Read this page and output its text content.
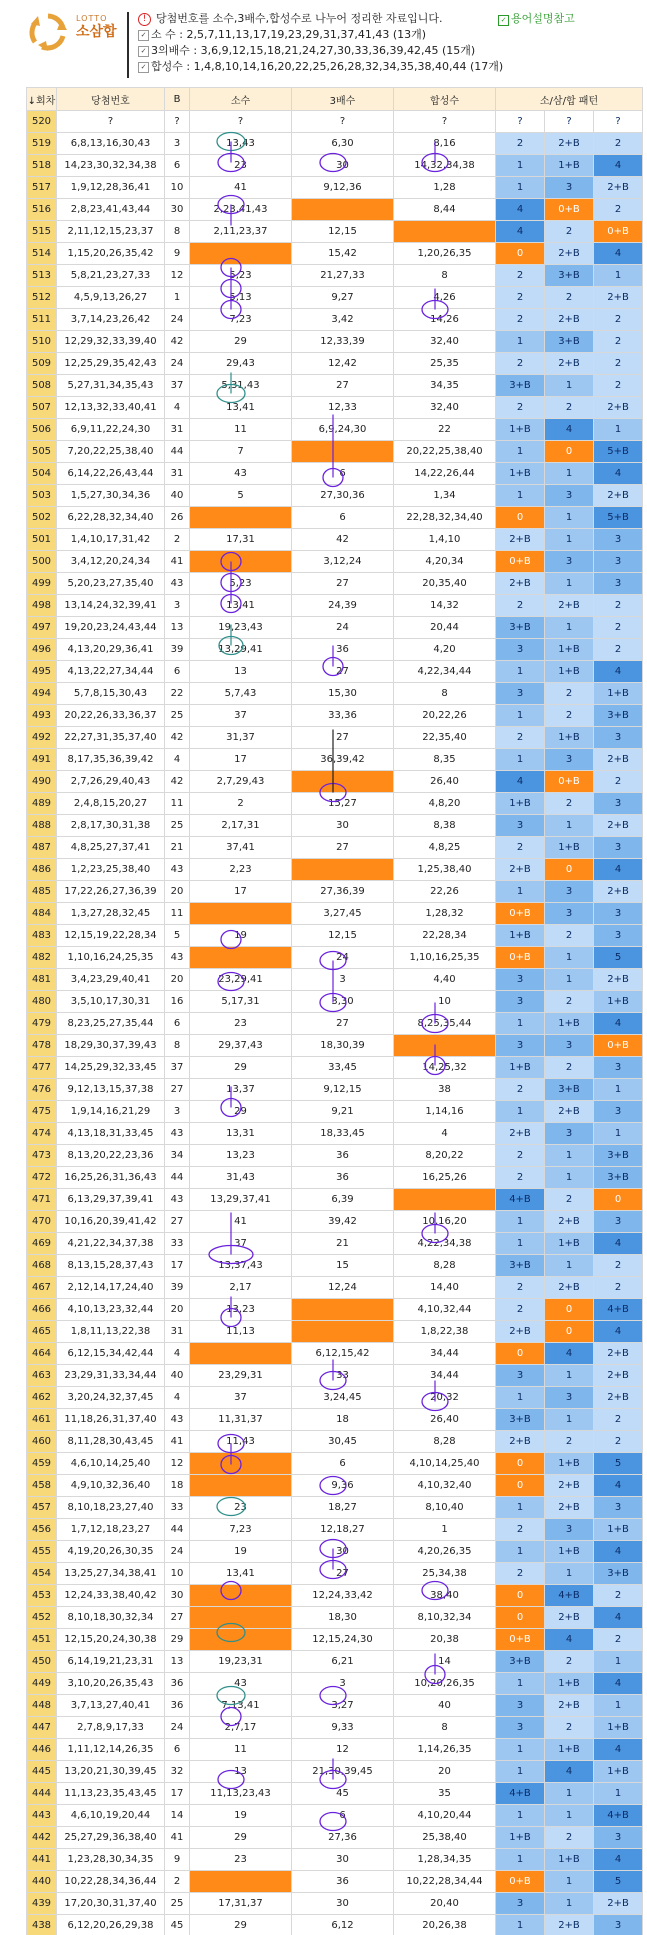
LOTTO
소삼합
! 당첨번호를 소수,3배수,합성수로 나누어 정리한 자료입니다.
✓ 소 수 : 2,5,7,11,13,17,19,23,29,31,37,41,43 (13개)
✓ 3의배수 : 3,6,9,12,15,18,21,24,27,30,33,36,39,42,45 (15개)
✓ 합성수 : 1,4,8,10,14,16,20,22,25,26,28,32,34,35,38,40,44 (17개)
✓ 용어설명참고
↓회차	당첨번호	B	소수	3배수	합성수	소/삼/합 패턴		
520	?	?	?	?	?	?	?	?
519	6,8,13,16,30,43	3	13,43	6,30	8,16	2	2+B	2
518	14,23,30,32,34,38	6	23	30	14,32,34,38	1	1+B	4
517	1,9,12,28,36,41	10	41	9,12,36	1,28	1	3	2+B
516	2,8,23,41,43,44	30	2,23,41,43		8,44	4	0+B	2
515	2,11,12,15,23,37	8	2,11,23,37	12,15		4	2	0+B
514	1,15,20,26,35,42	9		15,42	1,20,26,35	0	2+B	4
513	5,8,21,23,27,33	12	5,23	21,27,33	8	2	3+B	1
512	4,5,9,13,26,27	1	5,13	9,27	4,26	2	2	2+B
511	3,7,14,23,26,42	24	7,23	3,42	14,26	2	2+B	2
510	12,29,32,33,39,40	42	29	12,33,39	32,40	1	3+B	2
509	12,25,29,35,42,43	24	29,43	12,42	25,35	2	2+B	2
508	5,27,31,34,35,43	37	5,31,43	27	34,35	3+B	1	2
507	12,13,32,33,40,41	4	13,41	12,33	32,40	2	2	2+B
506	6,9,11,22,24,30	31	11	6,9,24,30	22	1+B	4	1
505	7,20,22,25,38,40	44	7		20,22,25,38,40	1	0	5+B
504	6,14,22,26,43,44	31	43	6	14,22,26,44	1+B	1	4
503	1,5,27,30,34,36	40	5	27,30,36	1,34	1	3	2+B
502	6,22,28,32,34,40	26		6	22,28,32,34,40	0	1	5+B
501	1,4,10,17,31,42	2	17,31	42	1,4,10	2+B	1	3
500	3,4,12,20,24,34	41		3,12,24	4,20,34	0+B	3	3
499	5,20,23,27,35,40	43	5,23	27	20,35,40	2+B	1	3
498	13,14,24,32,39,41	3	13,41	24,39	14,32	2	2+B	2
497	19,20,23,24,43,44	13	19,23,43	24	20,44	3+B	1	2
496	4,13,20,29,36,41	39	13,29,41	36	4,20	3	1+B	2
495	4,13,22,27,34,44	6	13	27	4,22,34,44	1	1+B	4
494	5,7,8,15,30,43	22	5,7,43	15,30	8	3	2	1+B
493	20,22,26,33,36,37	25	37	33,36	20,22,26	1	2	3+B
492	22,27,31,35,37,40	42	31,37	27	22,35,40	2	1+B	3
491	8,17,35,36,39,42	4	17	36,39,42	8,35	1	3	2+B
490	2,7,26,29,40,43	42	2,7,29,43		26,40	4	0+B	2
489	2,4,8,15,20,27	11	2	15,27	4,8,20	1+B	2	3
488	2,8,17,30,31,38	25	2,17,31	30	8,38	3	1	2+B
487	4,8,25,27,37,41	21	37,41	27	4,8,25	2	1+B	3
486	1,2,23,25,38,40	43	2,23		1,25,38,40	2+B	0	4
485	17,22,26,27,36,39	20	17	27,36,39	22,26	1	3	2+B
484	1,3,27,28,32,45	11		3,27,45	1,28,32	0+B	3	3
483	12,15,19,22,28,34	5	19	12,15	22,28,34	1+B	2	3
482	1,10,16,24,25,35	43		24	1,10,16,25,35	0+B	1	5
481	3,4,23,29,40,41	20	23,29,41	3	4,40	3	1	2+B
480	3,5,10,17,30,31	16	5,17,31	3,30	10	3	2	1+B
479	8,23,25,27,35,44	6	23	27	8,25,35,44	1	1+B	4
478	18,29,30,37,39,43	8	29,37,43	18,30,39		3	3	0+B
477	14,25,29,32,33,45	37	29	33,45	14,25,32	1+B	2	3
476	9,12,13,15,37,38	27	13,37	9,12,15	38	2	3+B	1
475	1,9,14,16,21,29	3	29	9,21	1,14,16	1	2+B	3
474	4,13,18,31,33,45	43	13,31	18,33,45	4	2+B	3	1
473	8,13,20,22,23,36	34	13,23	36	8,20,22	2	1	3+B
472	16,25,26,31,36,43	44	31,43	36	16,25,26	2	1	3+B
471	6,13,29,37,39,41	43	13,29,37,41	6,39		4+B	2	0
470	10,16,20,39,41,42	27	41	39,42	10,16,20	1	2+B	3
469	4,21,22,34,37,38	33	37	21	4,22,34,38	1	1+B	4
468	8,13,15,28,37,43	17	13,37,43	15	8,28	3+B	1	2
467	2,12,14,17,24,40	39	2,17	12,24	14,40	2	2+B	2
466	4,10,13,23,32,44	20	13,23		4,10,32,44	2	0	4+B
465	1,8,11,13,22,38	31	11,13		1,8,22,38	2+B	0	4
464	6,12,15,34,42,44	4		6,12,15,42	34,44	0	4	2+B
463	23,29,31,33,34,44	40	23,29,31	33	34,44	3	1	2+B
462	3,20,24,32,37,45	4	37	3,24,45	20,32	1	3	2+B
461	11,18,26,31,37,40	43	11,31,37	18	26,40	3+B	1	2
460	8,11,28,30,43,45	41	11,43	30,45	8,28	2+B	2	2
459	4,6,10,14,25,40	12		6	4,10,14,25,40	0	1+B	5
458	4,9,10,32,36,40	18		9,36	4,10,32,40	0	2+B	4
457	8,10,18,23,27,40	33	23	18,27	8,10,40	1	2+B	3
456	1,7,12,18,23,27	44	7,23	12,18,27	1	2	3	1+B
455	4,19,20,26,30,35	24	19	30	4,20,26,35	1	1+B	4
454	13,25,27,34,38,41	10	13,41	27	25,34,38	2	1	3+B
453	12,24,33,38,40,42	30		12,24,33,42	38,40	0	4+B	2
452	8,10,18,30,32,34	27		18,30	8,10,32,34	0	2+B	4
451	12,15,20,24,30,38	29		12,15,24,30	20,38	0+B	4	2
450	6,14,19,21,23,31	13	19,23,31	6,21	14	3+B	2	1
449	3,10,20,26,35,43	36	43	3	10,20,26,35	1	1+B	4
448	3,7,13,27,40,41	36	7,13,41	3,27	40	3	2+B	1
447	2,7,8,9,17,33	24	2,7,17	9,33	8	3	2	1+B
446	1,11,12,14,26,35	6	11	12	1,14,26,35	1	1+B	4
445	13,20,21,30,39,45	32	13	21,30,39,45	20	1	4	1+B
444	11,13,23,35,43,45	17	11,13,23,43	45	35	4+B	1	1
443	4,6,10,19,20,44	14	19	6	4,10,20,44	1	1	4+B
442	25,27,29,36,38,40	41	29	27,36	25,38,40	1+B	2	3
441	1,23,28,30,34,35	9	23	30	1,28,34,35	1	1+B	4
440	10,22,28,34,36,44	2		36	10,22,28,34,44	0+B	1	5
439	17,20,30,31,37,40	25	17,31,37	30	20,40	3	1	2+B
438	6,12,20,26,29,38	45	29	6,12	20,26,38	1	2+B	3
